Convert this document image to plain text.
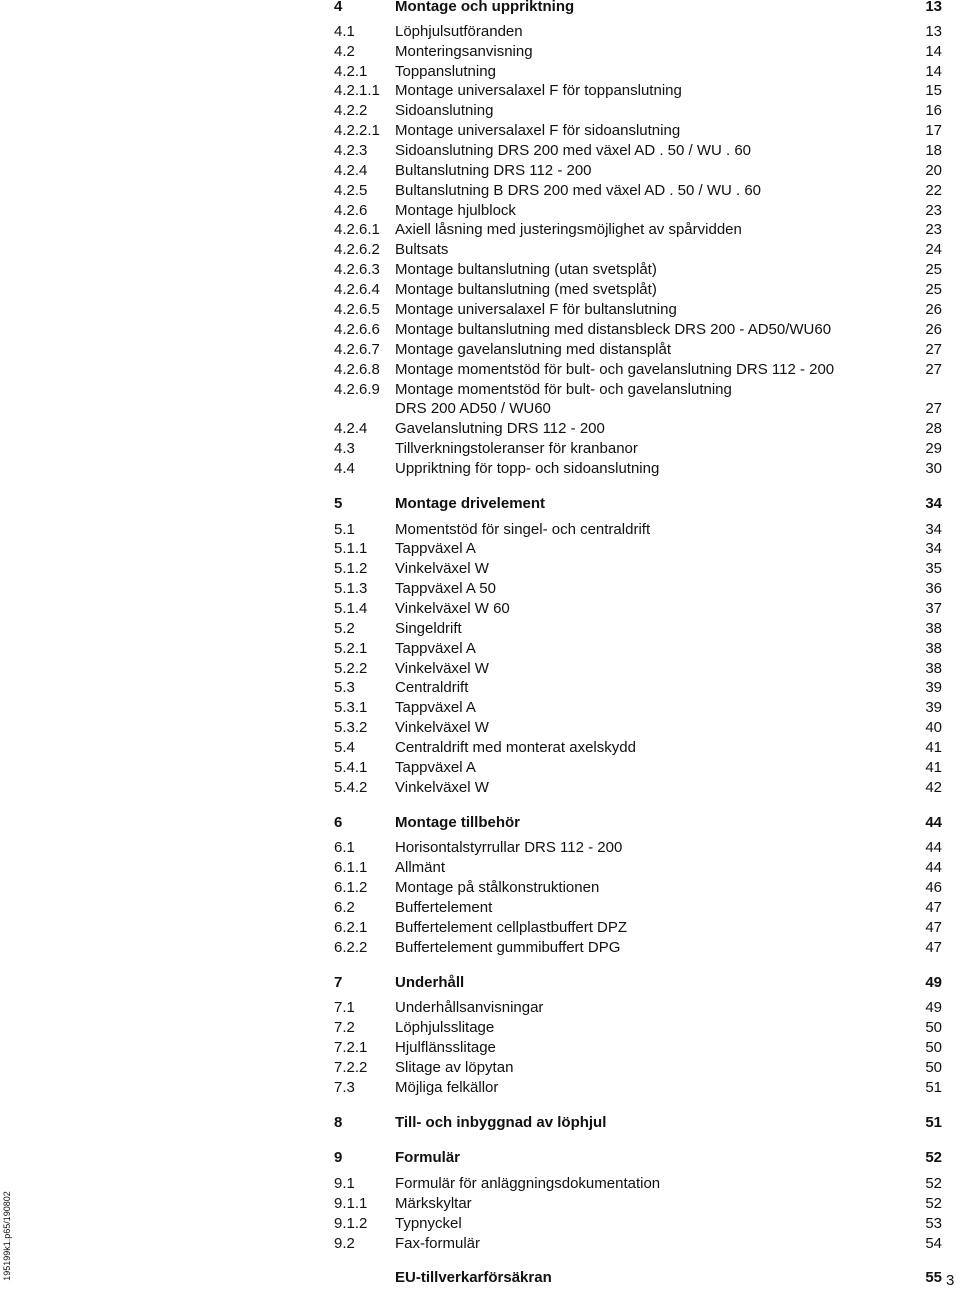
4	Montage och uppriktning	13
4.1	Löphjulsutföranden	13
4.2	Monteringsanvisning	14
4.2.1 Toppanslutning	14
4.2.1.1 Montage universalaxel F för toppanslutning	15
4.2.2 Sidoanslutning	16
4.2.2.1 Montage universalaxel F för sidoanslutning	17
4.2.3 Sidoanslutning DRS 200 med växel AD . 50 / WU . 60	18
4.2.4 Bultanslutning DRS 112 - 200	20
4.2.5 Bultanslutning B DRS 200 med växel AD . 50 / WU . 60	22
4.2.6 Montage hjulblock	23
4.2.6.1 Axiell låsning med justeringsmöjlighet av spårvidden	23
4.2.6.2 Bultsats	24
4.2.6.3 Montage bultanslutning (utan svetsplåt)	25
4.2.6.4 Montage bultanslutning (med svetsplåt)	25
4.2.6.5 Montage universalaxel F för bultanslutning	26
4.2.6.6 Montage bultanslutning med distansbleck DRS 200 - AD50/WU60	26
4.2.6.7 Montage gavelanslutning med distansplåt	27
4.2.6.8 Montage momentstöd för bult- och gavelanslutning DRS 112 - 200	27
4.2.6.9 Montage momentstöd för bult- och gavelanslutning
DRS 200 AD50 / WU60	27
4.2.4 Gavelanslutning DRS 112 - 200	28
4.3	Tillverkningstoleranser för kranbanor	29
4.4	Uppriktning för topp- och sidoanslutning	30
5	Montage drivelement	34
5.1	Momentstöd för singel- och centraldrift	34
5.1.1 Tappväxel A	34
5.1.2 Vinkelväxel W	35
5.1.3 Tappväxel A 50	36
5.1.4 Vinkelväxel W 60	37
5.2	Singeldrift	38
5.2.1 Tappväxel A	38
5.2.2 Vinkelväxel W	38
5.3	Centraldrift	39
5.3.1 Tappväxel A	39
5.3.2 Vinkelväxel W	40
5.4	Centraldrift med monterat axelskydd	41
5.4.1 Tappväxel A	41
5.4.2 Vinkelväxel W	42
6	Montage tillbehör	44
6.1	Horisontalstyrrullar DRS 112 - 200	44
6.1.1 Allmänt	44
6.1.2 Montage på stålkonstruktionen	46
6.2	Buffertelement	47
6.2.1 Buffertelement cellplastbuffert DPZ	47
6.2.2 Buffertelement gummibuffert DPG	47
7	Underhåll	49
7.1	Underhållsanvisningar	49
7.2	Löphjulsslitage	50
7.2.1 Hjulflänsslitage	50
7.2.2 Slitage av löpytan	50
7.3	Möjliga felkällor	51
8	Till- och inbyggnad av löphjul	51
9	Formulär	52
9.1	Formulär för anläggningsdokumentation	52
9.1.1 Märkskyltar	52
9.1.2 Typnyckel	53
9.2	Fax-formulär	54
EU-tillverkarförsäkran	55
195199k1.p65/190802	3
